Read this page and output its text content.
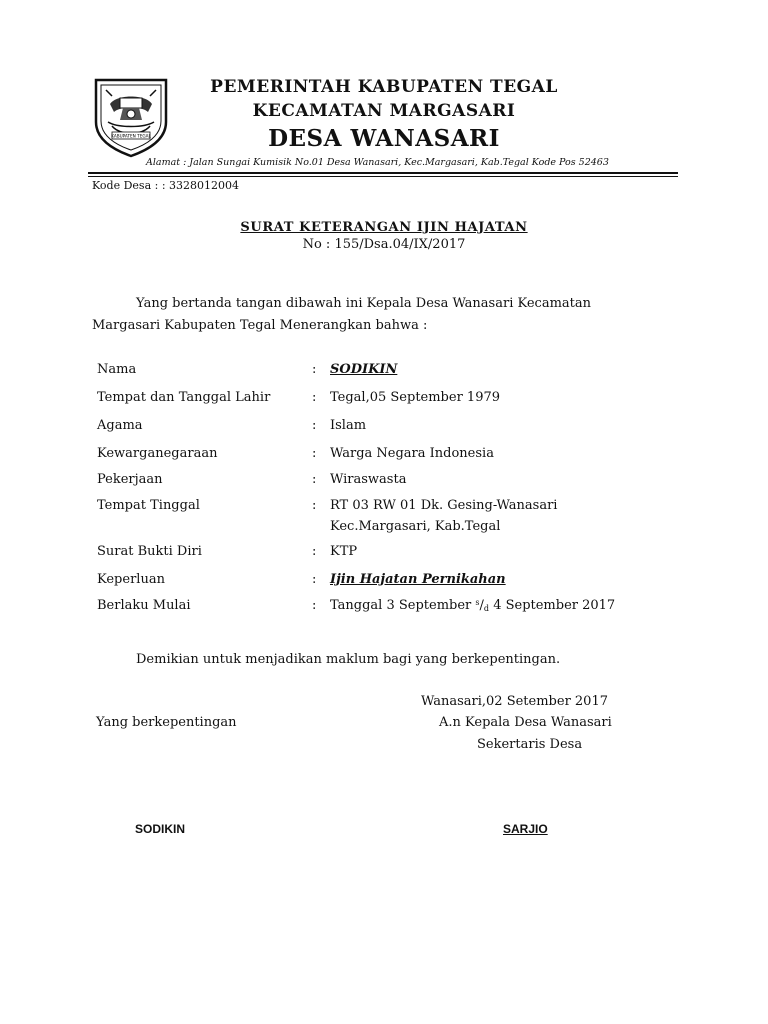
KABUPATEN TEGAL
PEMERINTAH KABUPATEN TEGAL
KECAMATAN MARGASARI
DESA WANASARI
Alamat : Jalan Sungai Kumisik No.01 Desa Wanasari, Kec.Margasari, Kab.Tegal Kode Pos 52463
Kode Desa : : 3328012004
SURAT KETERANGAN IJIN HAJATAN
No : 155/Dsa.04/IX/2017
Yang bertanda tangan dibawah ini Kepala Desa Wanasari Kecamatan
Margasari Kabupaten Tegal Menerangkan bahwa :
Nama	: SODIKIN
Tempat dan Tanggal Lahir	: Tegal,05 September 1979
Agama	: Islam
Kewarganegaraan	: Warga Negara Indonesia
Pekerjaan	: Wiraswasta
Tempat Tinggal	: RT 03 RW 01 Dk. Gesing-Wanasari
Kec.Margasari, Kab.Tegal
Surat Bukti Diri	: KTP
Keperluan	: Ijin Hajatan Pernikahan
Berlaku Mulai	: Tanggal 3 September $^s/_d$ 4 September 2017
Demikian untuk menjadikan maklum bagi yang berkepentingan.
Wanasari,02 Setember 2017
Yang berkepentingan	A.n Kepala Desa Wanasari
Sekertaris Desa
SODIKIN	SARJIO
